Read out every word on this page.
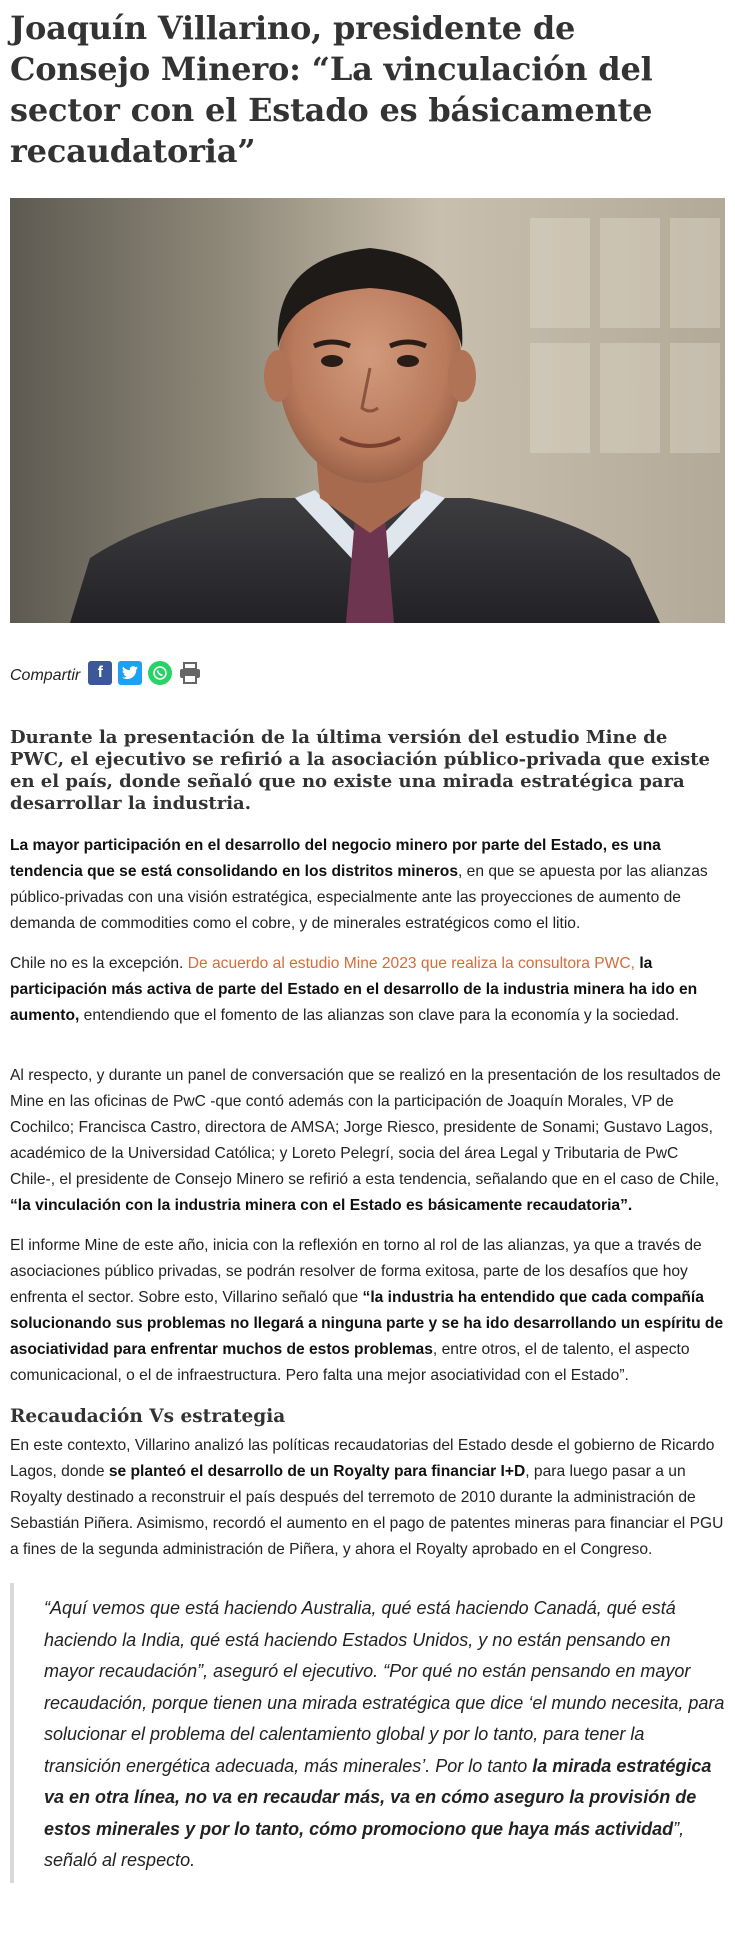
Joaquín Villarino, presidente de Consejo Minero: “La vinculación del sector con el Estado es básicamente recaudatoria”
Compartir	f

Durante la presentación de la última versión del estudio Mine de PWC, el ejecutivo se refirió a la asociación público-privada que existe en el país, donde señaló que no existe una mirada estratégica para desarrollar la industria.

La mayor participación en el desarrollo del negocio minero por parte del Estado, es una tendencia que se está consolidando en los distritos mineros, en que se apuesta por las alianzas público-privadas con una visión estratégica, especialmente ante las proyecciones de aumento de demanda de commodities como el cobre, y de minerales estratégicos como el litio.

Chile no es la excepción. De acuerdo al estudio Mine 2023 que realiza la consultora PWC, la participación más activa de parte del Estado en el desarrollo de la industria minera ha ido en aumento, entendiendo que el fomento de las alianzas son clave para la economía y la sociedad.

Al respecto, y durante un panel de conversación que se realizó en la presentación de los resultados de Mine en las oficinas de PwC -que contó además con la participación de Joaquín Morales, VP de Cochilco; Francisca Castro, directora de AMSA; Jorge Riesco, presidente de Sonami; Gustavo Lagos, académico de la Universidad Católica; y Loreto Pelegrí, socia del área Legal y Tributaria de PwC Chile-, el presidente de Consejo Minero se refirió a esta tendencia, señalando que en el caso de Chile, “la vinculación con la industria minera con el Estado es básicamente recaudatoria”.

El informe Mine de este año, inicia con la reflexión en torno al rol de las alianzas, ya que a través de asociaciones público privadas, se podrán resolver de forma exitosa, parte de los desafíos que hoy enfrenta el sector. Sobre esto, Villarino señaló que “la industria ha entendido que cada compañía solucionando sus problemas no llegará a ninguna parte y se ha ido desarrollando un espíritu de asociatividad para enfrentar muchos de estos problemas, entre otros, el de talento, el aspecto comunicacional, o el de infraestructura. Pero falta una mejor asociatividad con el Estado”.

Recaudación Vs estrategia

En este contexto, Villarino analizó las políticas recaudatorias del Estado desde el gobierno de Ricardo Lagos, donde se planteó el desarrollo de un Royalty para financiar I+D, para luego pasar a un Royalty destinado a reconstruir el país después del terremoto de 2010 durante la administración de Sebastián Piñera. Asimismo, recordó el aumento en el pago de patentes mineras para financiar el PGU a fines de la segunda administración de Piñera, y ahora el Royalty aprobado en el Congreso.

“Aquí vemos que está haciendo Australia, qué está haciendo Canadá, qué está haciendo la India, qué está haciendo Estados Unidos, y no están pensando en mayor recaudación”, aseguró el ejecutivo. “Por qué no están pensando en mayor recaudación, porque tienen una mirada estratégica que dice ‘el mundo necesita, para solucionar el problema del calentamiento global y por lo tanto, para tener la transición energética adecuada, más minerales’. Por lo tanto la mirada estratégica va en otra línea, no va en recaudar más, va en cómo aseguro la provisión de estos minerales y por lo tanto, cómo promociono que haya más actividad”, señaló al respecto.
